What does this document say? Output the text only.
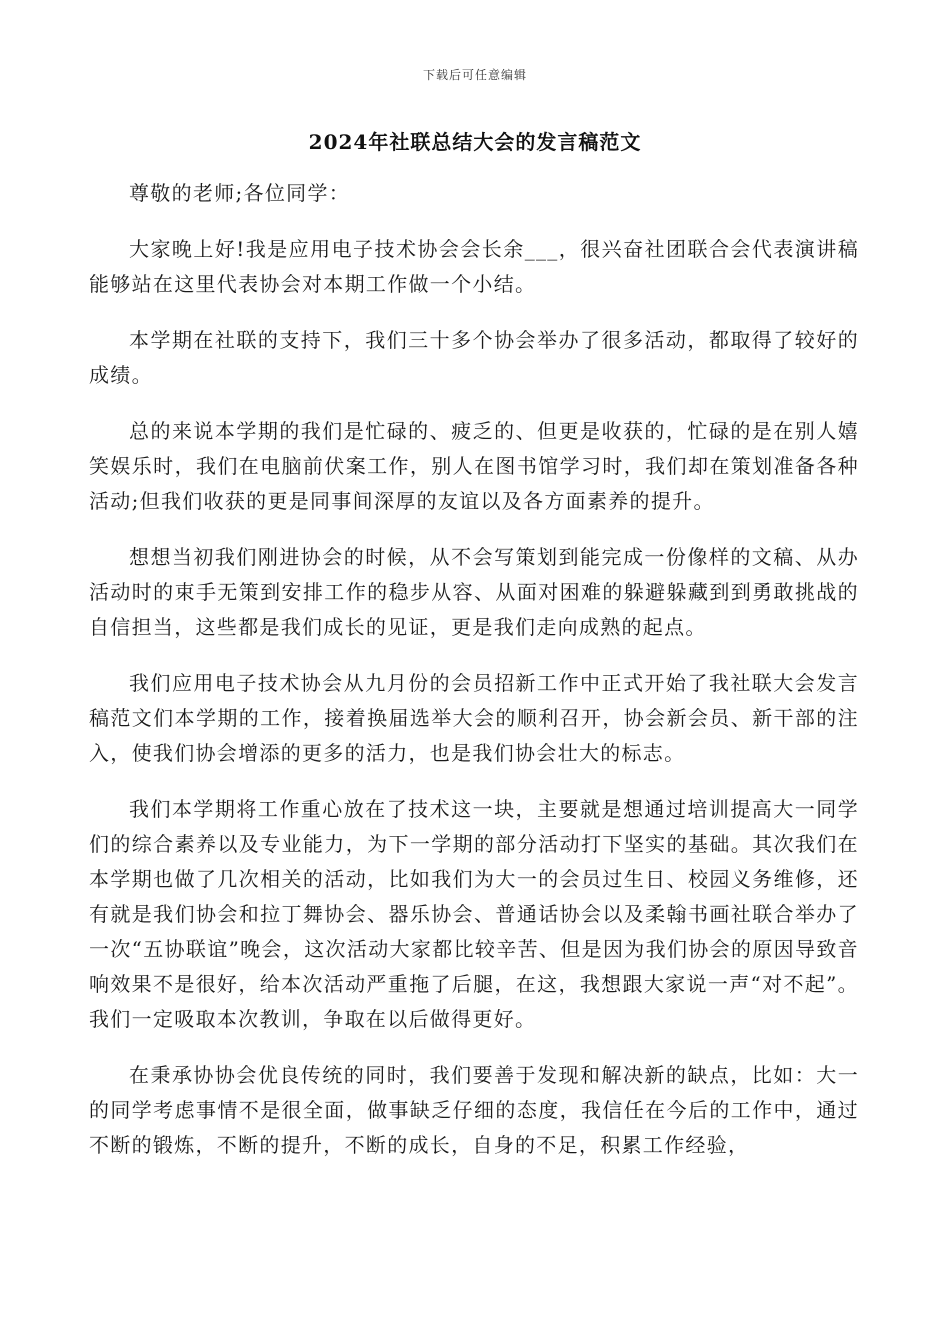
下载后可任意编辑
2024年社联总结大会的发言稿范文

尊敬的老师;各位同学：

大家晚上好!我是应用电子技术协会会长余___，很兴奋社团联合会代表演讲稿能够站在这里代表协会对本期工作做一个小结。

本学期在社联的支持下，我们三十多个协会举办了很多活动，都取得了较好的成绩。

总的来说本学期的我们是忙碌的、疲乏的、但更是收获的，忙碌的是在别人嬉笑娱乐时，我们在电脑前伏案工作，别人在图书馆学习时，我们却在策划准备各种活动;但我们收获的更是同事间深厚的友谊以及各方面素养的提升。

想想当初我们刚进协会的时候，从不会写策划到能完成一份像样的文稿、从办活动时的束手无策到安排工作的稳步从容、从面对困难的躲避躲藏到到勇敢挑战的自信担当，这些都是我们成长的见证，更是我们走向成熟的起点。

我们应用电子技术协会从九月份的会员招新工作中正式开始了我社联大会发言稿范文们本学期的工作，接着换届选举大会的顺利召开，协会新会员、新干部的注入，使我们协会增添的更多的活力，也是我们协会壮大的标志。

我们本学期将工作重心放在了技术这一块，主要就是想通过培训提高大一同学们的综合素养以及专业能力，为下一学期的部分活动打下坚实的基础。其次我们在本学期也做了几次相关的活动，比如我们为大一的会员过生日、校园义务维修，还有就是我们协会和拉丁舞协会、器乐协会、普通话协会以及柔翰书画社联合举办了一次“五协联谊”晚会，这次活动大家都比较辛苦、但是因为我们协会的原因导致音响效果不是很好，给本次活动严重拖了后腿，在这，我想跟大家说一声“对不起”。我们一定吸取本次教训，争取在以后做得更好。

在秉承协协会优良传统的同时，我们要善于发现和解决新的缺点，比如：大一的同学考虑事情不是很全面，做事缺乏仔细的态度，我信任在今后的工作中，通过不断的锻炼，不断的提升，不断的成长，自身的不足，积累工作经验，
